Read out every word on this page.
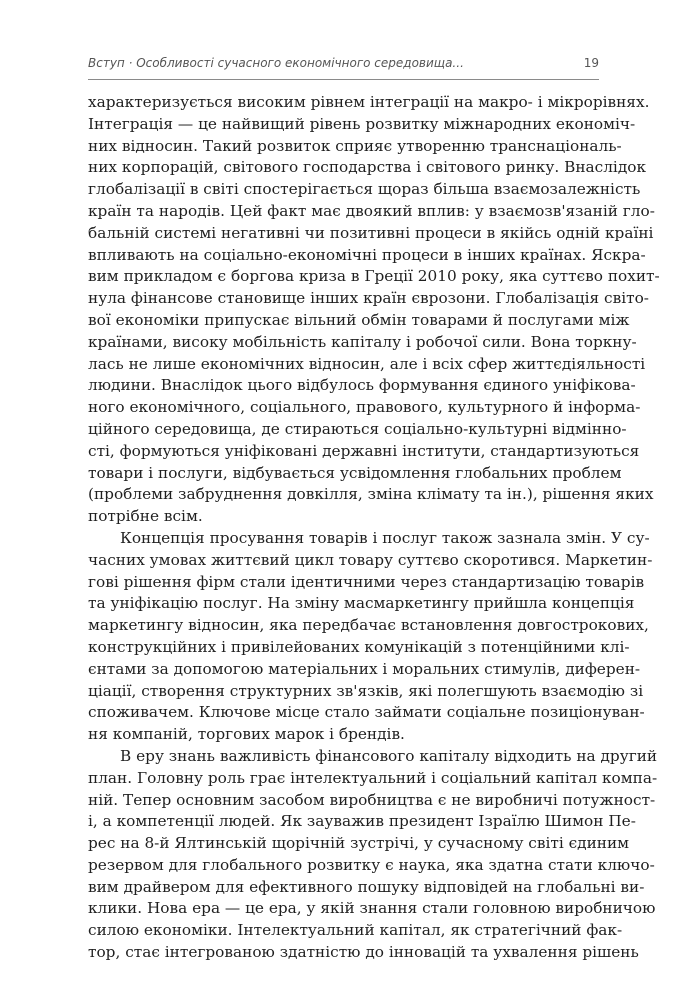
Вступ · Особливості сучасного економічного середовища...	19
характеризується високим рівнем інтеграції на макро- і мікрорівнях.
Інтеграція — це найвищий рівень розвитку міжнародних економіч-
них відносин. Такий розвиток сприяє утворенню транснаціональ-
них корпорацій, світового господарства і світового ринку. Внаслідок
глобалізації в світі спостерігається щораз більша взаємозалежність
країн та народів. Цей факт має двоякий вплив: у взаємозв'язаній гло-
бальній системі негативні чи позитивні процеси в якійсь одній країні
впливають на соціально-економічні процеси в інших країнах. Яскра-
вим прикладом є боргова криза в Греції 2010 року, яка суттєво похит-
нула фінансове становище інших країн єврозони. Глобалізація світо-
вої економіки припускає вільний обмін товарами й послугами між
країнами, високу мобільність капіталу і робочої сили. Вона торкну-
лась не лише економічних відносин, але і всіх сфер життєдіяльності
людини. Внаслідок цього відбулось формування єдиного уніфікова-
ного економічного, соціального, правового, культурного й інформа-
ційного середовища, де стираються соціально-культурні відмінно-
сті, формуються уніфіковані державні інститути, стандартизуються
товари і послуги, відбувається усвідомлення глобальних проблем
(проблеми забруднення довкілля, зміна клімату та ін.), рішення яких
потрібне всім.
Концепція просування товарів і послуг також зазнала змін. У су-
часних умовах життєвий цикл товару суттєво скоротився. Маркетин-
гові рішення фірм стали ідентичними через стандартизацію товарів
та уніфікацію послуг. На зміну масмаркетингу прийшла концепція
маркетингу відносин, яка передбачає встановлення довгострокових,
конструкційних і привілейованих комунікацій з потенційними клі-
єнтами за допомогою матеріальних і моральних стимулів, диферен-
ціації, створення структурних зв'язків, які полегшують взаємодію зі
споживачем. Ключове місце стало займати соціальне позиціонуван-
ня компаній, торгових марок і брендів.
В еру знань важливість фінансового капіталу відходить на другий
план. Головну роль грає інтелектуальний і соціальний капітал компа-
ній. Тепер основним засобом виробництва є не виробничі потужност-
і, а компетенції людей. Як зауважив президент Ізраїлю Шимон Пе-
рес на 8-й Ялтинській щорічній зустрічі, у сучасному світі єдиним
резервом для глобального розвитку є наука, яка здатна стати ключо-
вим драйвером для ефективного пошуку відповідей на глобальні ви-
клики. Нова ера — це ера, у якій знання стали головною виробничою
силою економіки. Інтелектуальний капітал, як стратегічний фак-
тор, стає інтегрованою здатністю до інновацій та ухвалення рішень
